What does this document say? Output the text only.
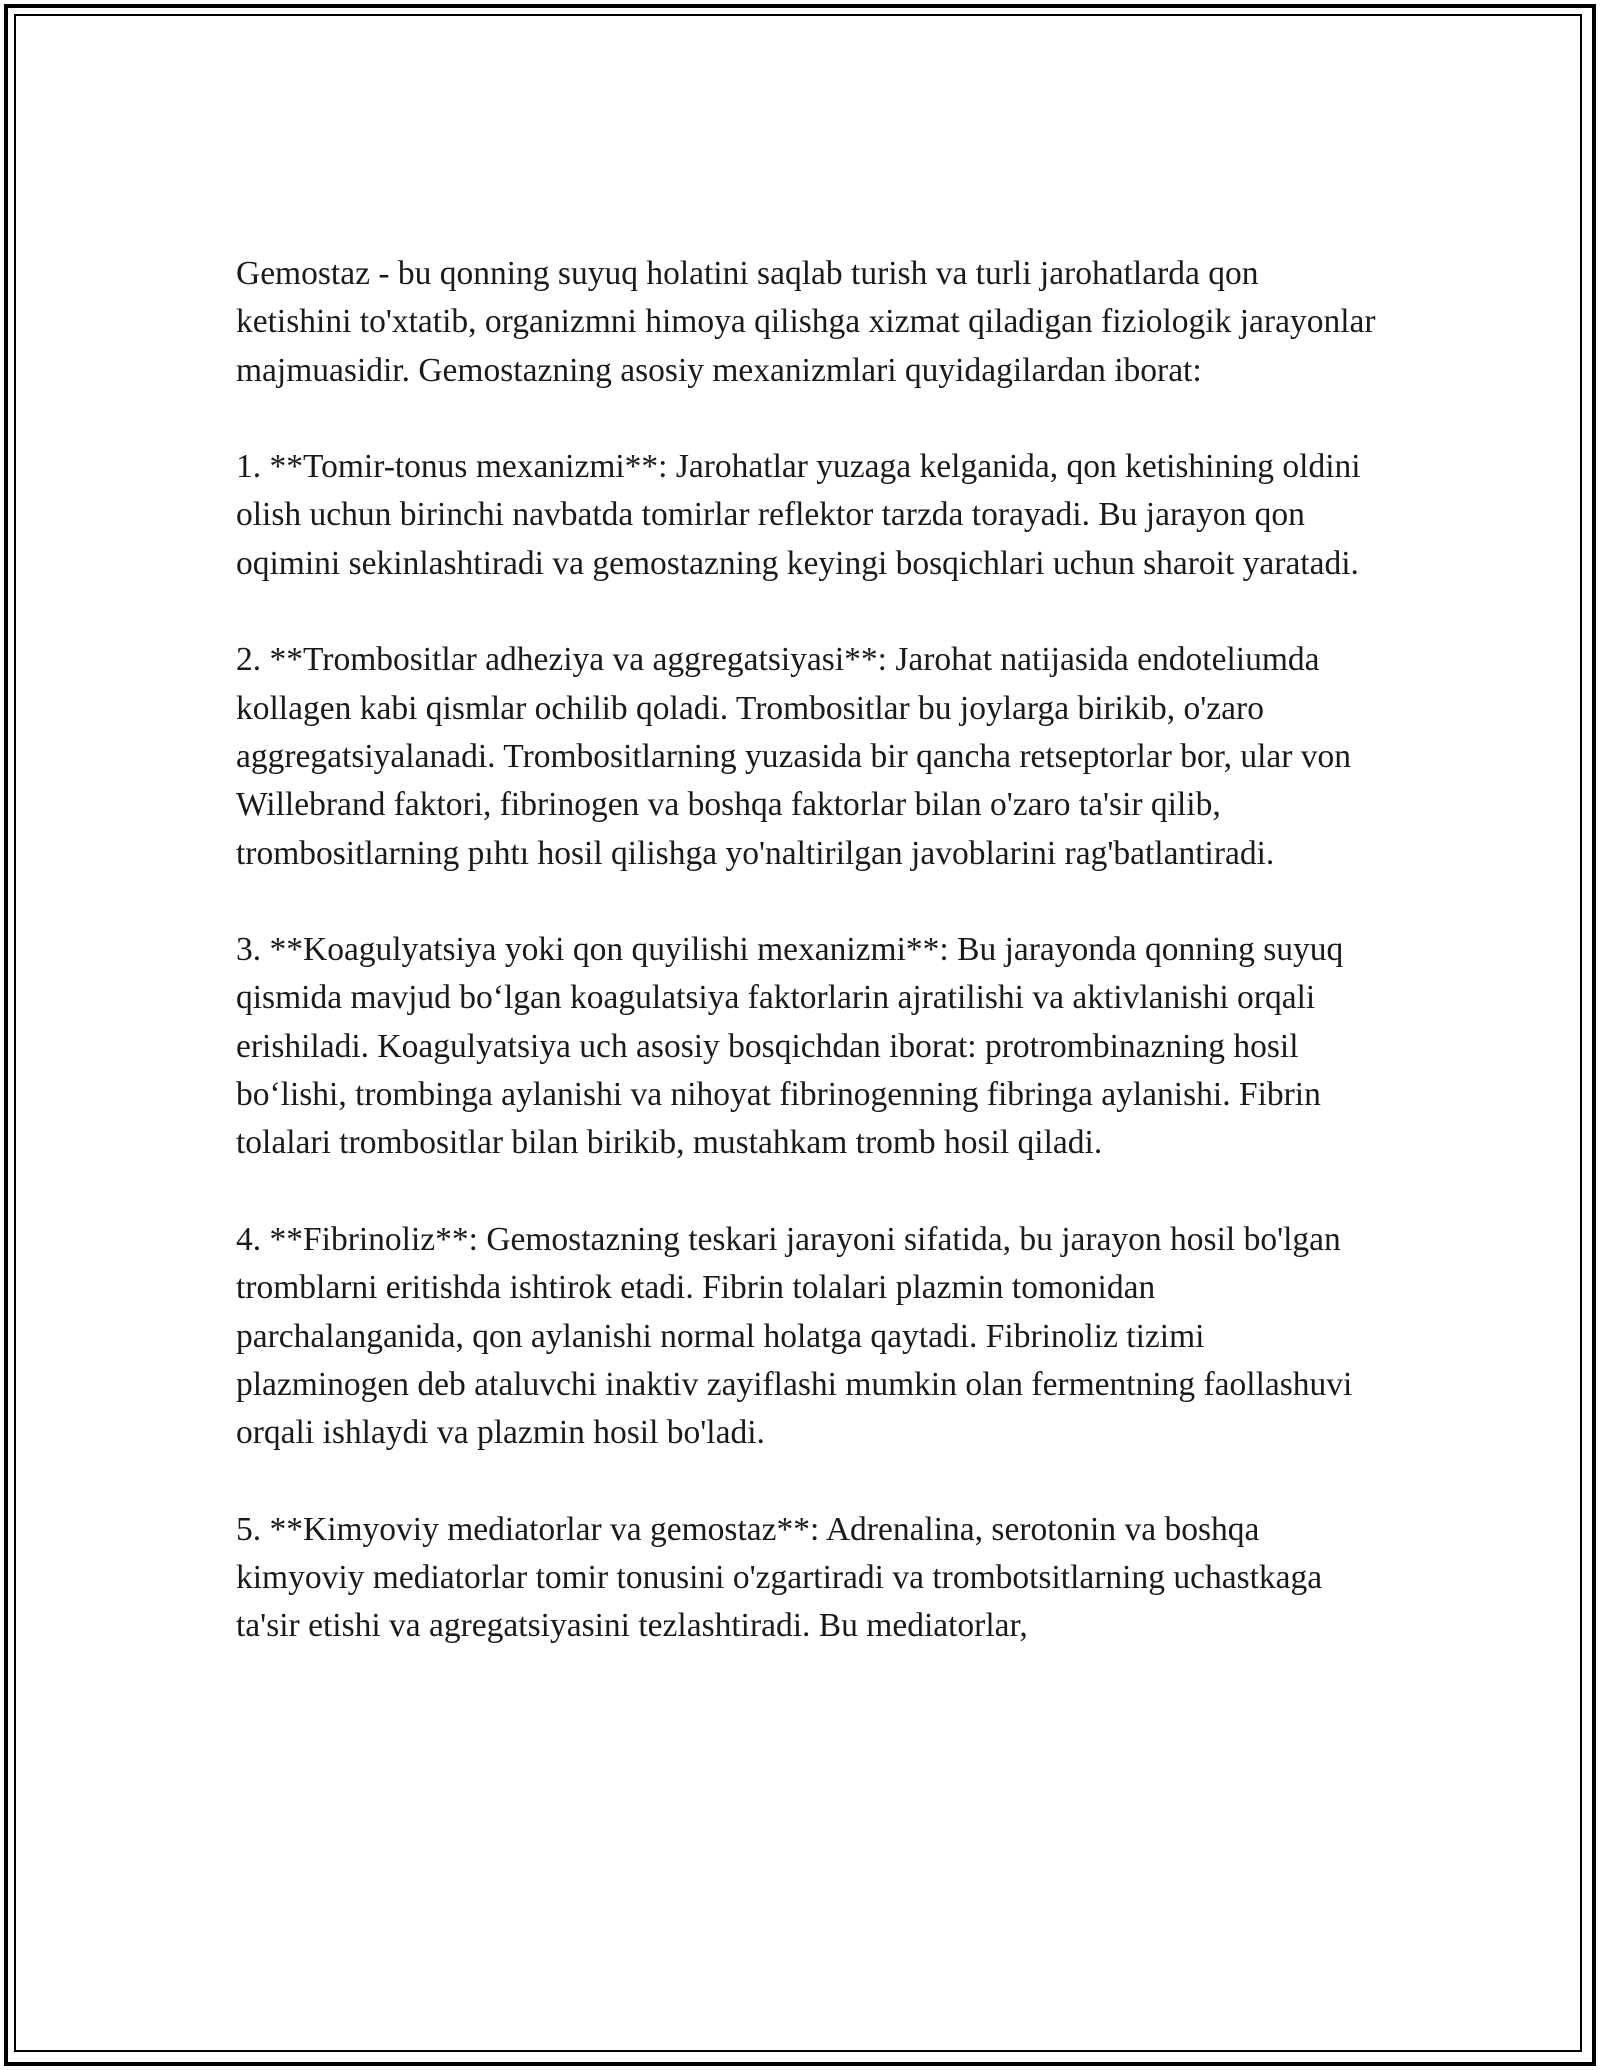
Gemostaz - bu qonning suyuq holatini saqlab turish va turli jarohatlarda qon ketishini to'xtatib, organizmni himoya qilishga xizmat qiladigan fiziologik jarayonlar majmuasidir. Gemostazning asosiy mexanizmlari quyidagilardan iborat:

1. **Tomir-tonus mexanizmi**: Jarohatlar yuzaga kelganida, qon ketishining oldini olish uchun birinchi navbatda tomirlar reflektor tarzda torayadi. Bu jarayon qon oqimini sekinlashtiradi va gemostazning keyingi bosqichlari uchun sharoit yaratadi.

2. **Trombositlar adheziya va aggregatsiyasi**: Jarohat natijasida endoteliumda kollagen kabi qismlar ochilib qoladi. Trombositlar bu joylarga birikib, o'zaro aggregatsiyalanadi. Trombositlarning yuzasida bir qancha retseptorlar bor, ular von Willebrand faktori, fibrinogen va boshqa faktorlar bilan o'zaro ta'sir qilib, trombositlarning pıhtı hosil qilishga yo'naltirilgan javoblarini rag'batlantiradi.

3. **Koagulyatsiya yoki qon quyilishi mexanizmi**: Bu jarayonda qonning suyuq qismida mavjud bo‘lgan koagulatsiya faktorlarin ajratilishi va aktivlanishi orqali erishiladi. Koagulyatsiya uch asosiy bosqichdan iborat: protrombinazning hosil bo‘lishi, trombinga aylanishi va nihoyat fibrinogenning fibringa aylanishi. Fibrin tolalari trombositlar bilan birikib, mustahkam tromb hosil qiladi.

4. **Fibrinoliz**: Gemostazning teskari jarayoni sifatida, bu jarayon hosil bo'lgan tromblarni eritishda ishtirok etadi. Fibrin tolalari plazmin tomonidan parchalanganida, qon aylanishi normal holatga qaytadi. Fibrinoliz tizimi plazminogen deb ataluvchi inaktiv zayiflashi mumkin olan fermentning faollashuvi orqali ishlaydi va plazmin hosil bo'ladi.

5. **Kimyoviy mediatorlar va gemostaz**: Adrenalina, serotonin va boshqa kimyoviy mediatorlar tomir tonusini o'zgartiradi va trombotsitlarning uchastkaga ta'sir etishi va agregatsiyasini tezlashtiradi. Bu mediatorlar,
